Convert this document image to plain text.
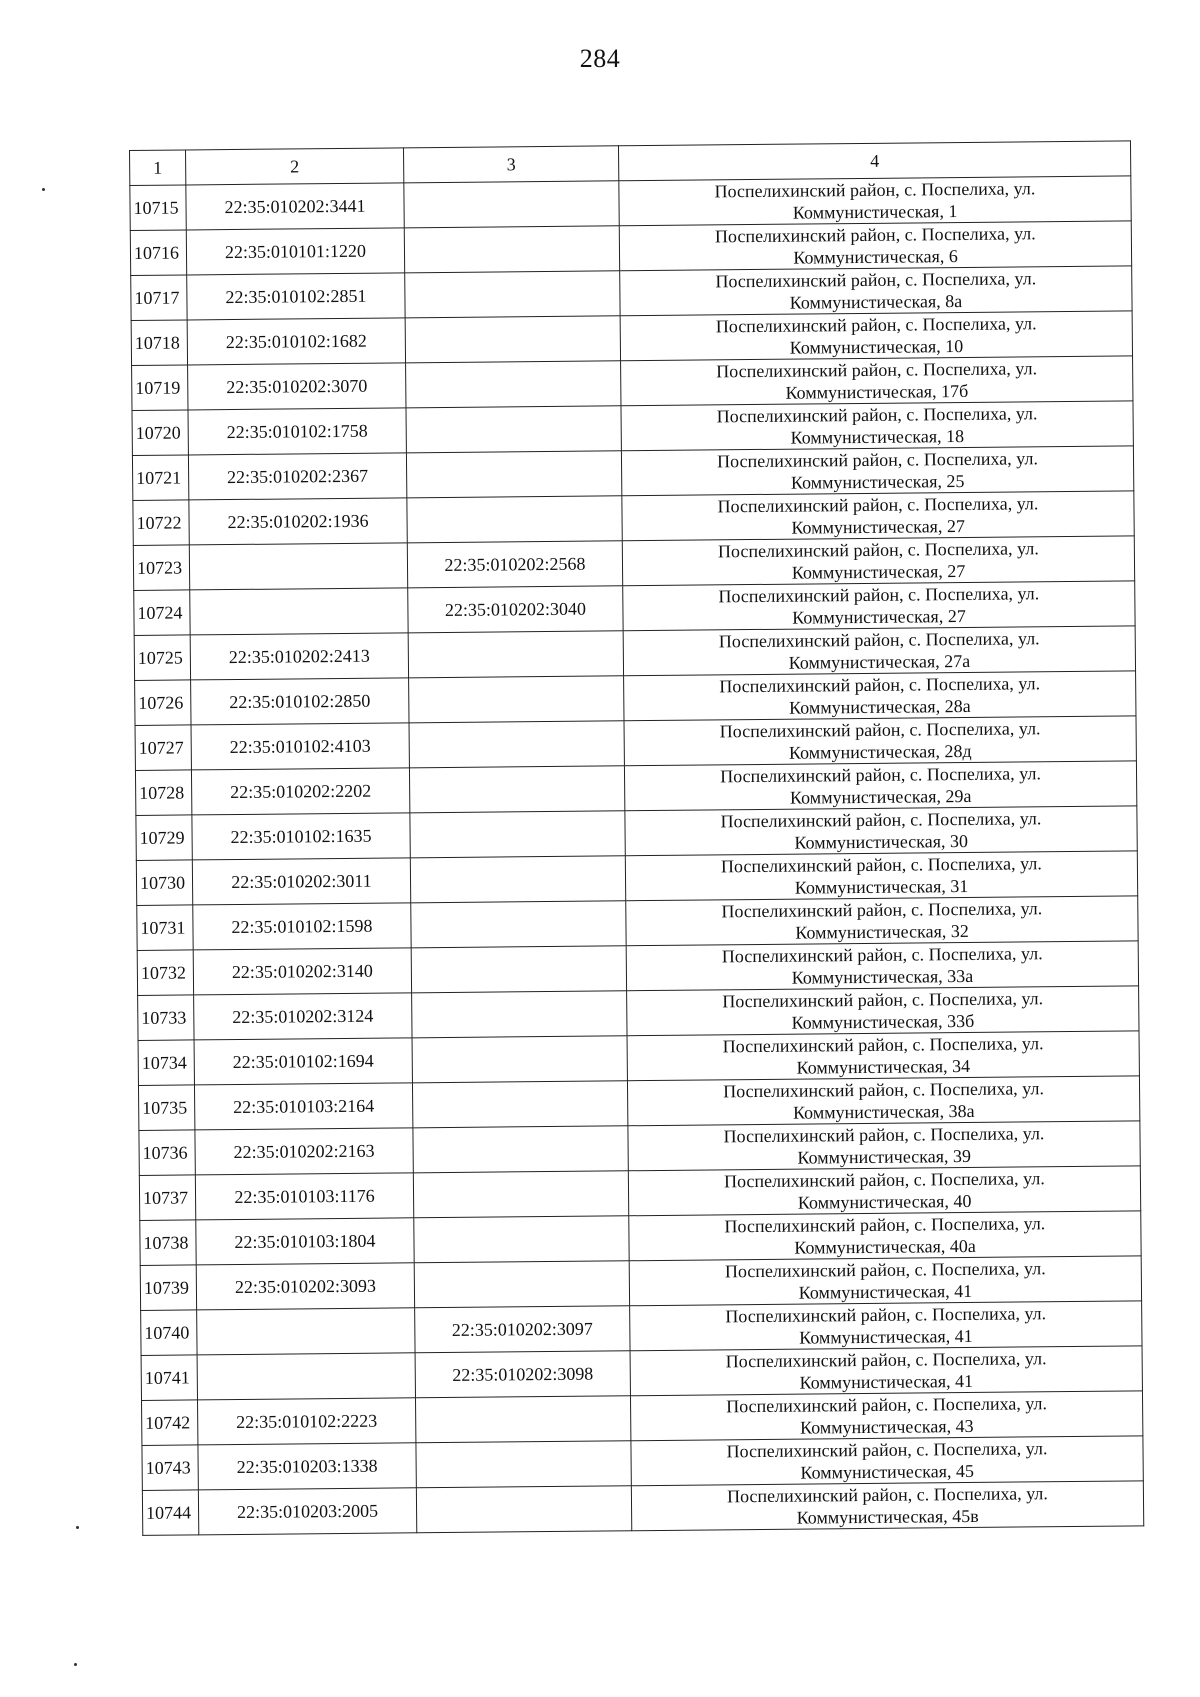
284
1	2	3	4
10715	22:35:010202:3441		Поспелихинский район, с. Поспелиха, ул.
Коммунистическая, 1

10716	22:35:010101:1220		Поспелихинский район, с. Поспелиха, ул.
Коммунистическая, 6

10717	22:35:010102:2851		Поспелихинский район, с. Поспелиха, ул.
Коммунистическая, 8а

10718	22:35:010102:1682		Поспелихинский район, с. Поспелиха, ул.
Коммунистическая, 10

10719	22:35:010202:3070		Поспелихинский район, с. Поспелиха, ул.
Коммунистическая, 17б

10720	22:35:010102:1758		Поспелихинский район, с. Поспелиха, ул.
Коммунистическая, 18

10721	22:35:010202:2367		Поспелихинский район, с. Поспелиха, ул.
Коммунистическая, 25

10722	22:35:010202:1936		Поспелихинский район, с. Поспелиха, ул.
Коммунистическая, 27

10723		22:35:010202:2568	Поспелихинский район, с. Поспелиха, ул.
Коммунистическая, 27

10724		22:35:010202:3040	Поспелихинский район, с. Поспелиха, ул.
Коммунистическая, 27

10725	22:35:010202:2413		Поспелихинский район, с. Поспелиха, ул.
Коммунистическая, 27а

10726	22:35:010102:2850		Поспелихинский район, с. Поспелиха, ул.
Коммунистическая, 28а

10727	22:35:010102:4103		Поспелихинский район, с. Поспелиха, ул.
Коммунистическая, 28д

10728	22:35:010202:2202		Поспелихинский район, с. Поспелиха, ул.
Коммунистическая, 29а

10729	22:35:010102:1635		Поспелихинский район, с. Поспелиха, ул.
Коммунистическая, 30

10730	22:35:010202:3011		Поспелихинский район, с. Поспелиха, ул.
Коммунистическая, 31

10731	22:35:010102:1598		Поспелихинский район, с. Поспелиха, ул.
Коммунистическая, 32

10732	22:35:010202:3140		Поспелихинский район, с. Поспелиха, ул.
Коммунистическая, 33а

10733	22:35:010202:3124		Поспелихинский район, с. Поспелиха, ул.
Коммунистическая, 33б

10734	22:35:010102:1694		Поспелихинский район, с. Поспелиха, ул.
Коммунистическая, 34

10735	22:35:010103:2164		Поспелихинский район, с. Поспелиха, ул.
Коммунистическая, 38а

10736	22:35:010202:2163		Поспелихинский район, с. Поспелиха, ул.
Коммунистическая, 39

10737	22:35:010103:1176		Поспелихинский район, с. Поспелиха, ул.
Коммунистическая, 40

10738	22:35:010103:1804		Поспелихинский район, с. Поспелиха, ул.
Коммунистическая, 40а

10739	22:35:010202:3093		Поспелихинский район, с. Поспелиха, ул.
Коммунистическая, 41

10740		22:35:010202:3097	Поспелихинский район, с. Поспелиха, ул.
Коммунистическая, 41

10741		22:35:010202:3098	Поспелихинский район, с. Поспелиха, ул.
Коммунистическая, 41

10742	22:35:010102:2223		Поспелихинский район, с. Поспелиха, ул.
Коммунистическая, 43

10743	22:35:010203:1338		Поспелихинский район, с. Поспелиха, ул.
Коммунистическая, 45

10744	22:35:010203:2005		Поспелихинский район, с. Поспелиха, ул.
Коммунистическая, 45в
